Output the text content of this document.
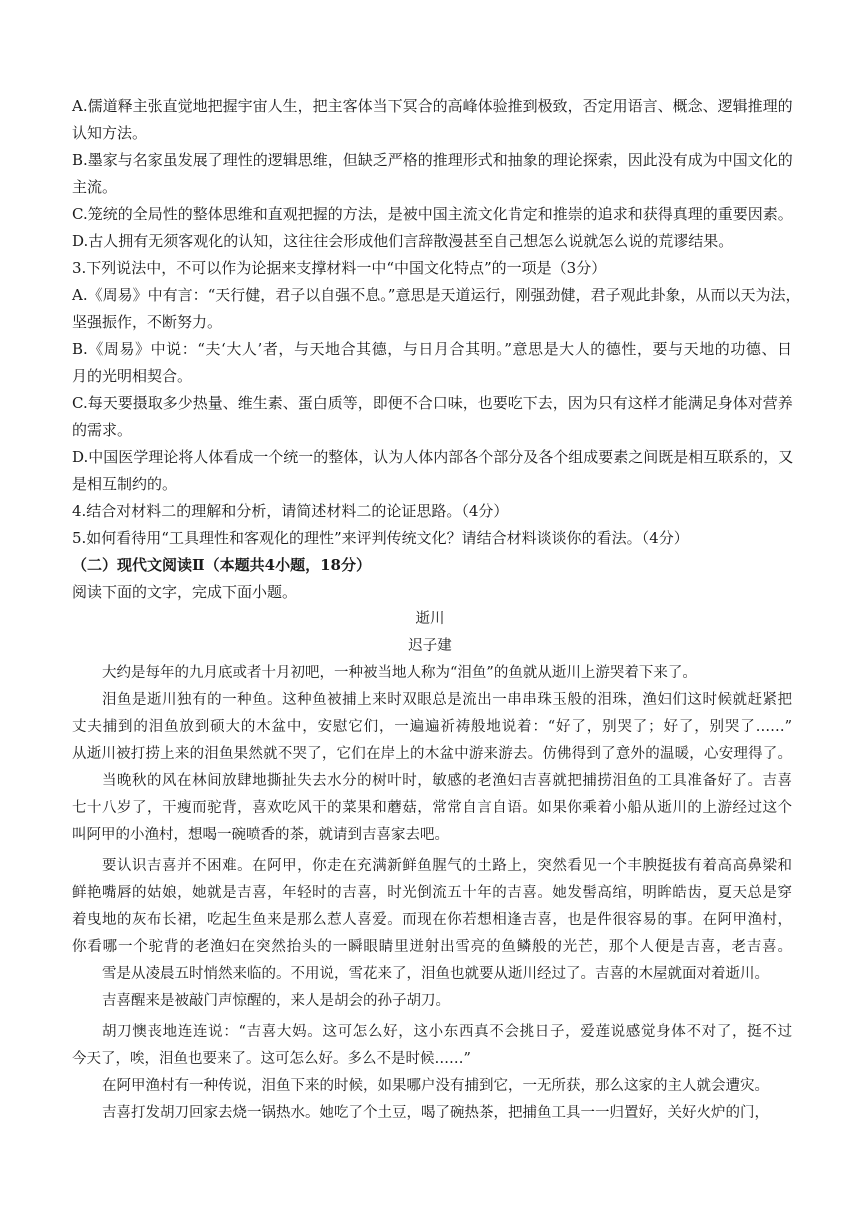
A.儒道释主张直觉地把握宇宙人生，把主客体当下冥合的高峰体验推到极致，否定用语言、概念、逻辑推理的
认知方法。
B.墨家与名家虽发展了理性的逻辑思维，但缺乏严格的推理形式和抽象的理论探索，因此没有成为中国文化的
主流。
C.笼统的全局性的整体思维和直观把握的方法，是被中国主流文化肯定和推崇的追求和获得真理的重要因素。
D.古人拥有无须客观化的认知，这往往会形成他们言辞散漫甚至自己想怎么说就怎么说的荒谬结果。
3.下列说法中，不可以作为论据来支撑材料一中“中国文化特点”的一项是（3分）
A.《周易》中有言：“天行健，君子以自强不息。”意思是天道运行，刚强劲健，君子观此卦象，从而以天为法，
坚强振作，不断努力。
B.《周易》中说：“夫‘大人’者，与天地合其德，与日月合其明。”意思是大人的德性，要与天地的功德、日
月的光明相契合。
C.每天要摄取多少热量、维生素、蛋白质等，即便不合口味，也要吃下去，因为只有这样才能满足身体对营养
的需求。
D.中国医学理论将人体看成一个统一的整体，认为人体内部各个部分及各个组成要素之间既是相互联系的，又
是相互制约的。
4.结合对材料二的理解和分析，请简述材料二的论证思路。（4分）
5.如何看待用“工具理性和客观化的理性”来评判传统文化？请结合材料谈谈你的看法。（4分）
（二）现代文阅读Ⅱ（本题共4小题，18分）
阅读下面的文字，完成下面小题。
逝川
迟子建
大约是每年的九月底或者十月初吧，一种被当地人称为“泪鱼”的鱼就从逝川上游哭着下来了。
泪鱼是逝川独有的一种鱼。这种鱼被捕上来时双眼总是流出一串串珠玉般的泪珠，渔妇们这时候就赶紧把
丈夫捕到的泪鱼放到硕大的木盆中，安慰它们，一遍遍祈祷般地说着：“好了，别哭了；好了，别哭了……”
从逝川被打捞上来的泪鱼果然就不哭了，它们在岸上的木盆中游来游去。仿佛得到了意外的温暖，心安理得了。
当晚秋的风在林间放肆地撕扯失去水分的树叶时，敏感的老渔妇吉喜就把捕捞泪鱼的工具准备好了。吉喜
七十八岁了，干瘦而驼背，喜欢吃风干的菜果和蘑菇，常常自言自语。如果你乘着小船从逝川的上游经过这个
叫阿甲的小渔村，想喝一碗喷香的茶，就请到吉喜家去吧。
要认识吉喜并不困难。在阿甲，你走在充满新鲜鱼腥气的土路上，突然看见一个丰腴挺拔有着高高鼻梁和
鲜艳嘴唇的姑娘，她就是吉喜，年轻时的吉喜，时光倒流五十年的吉喜。她发髻高绾，明眸皓齿，夏天总是穿
着曳地的灰布长裙，吃起生鱼来是那么惹人喜爱。而现在你若想相逢吉喜，也是件很容易的事。在阿甲渔村，
你看哪一个驼背的老渔妇在突然抬头的一瞬眼睛里迸射出雪亮的鱼鳞般的光芒，那个人便是吉喜，老吉喜。
雪是从凌晨五时悄然来临的。不用说，雪花来了，泪鱼也就要从逝川经过了。吉喜的木屋就面对着逝川。
吉喜醒来是被敲门声惊醒的，来人是胡会的孙子胡刀。
胡刀懊丧地连连说：“吉喜大妈。这可怎么好，这小东西真不会挑日子，爱莲说感觉身体不对了，挺不过
今天了，唉，泪鱼也要来了。这可怎么好。多么不是时候……”
在阿甲渔村有一种传说，泪鱼下来的时候，如果哪户没有捕到它，一无所获，那么这家的主人就会遭灾。
吉喜打发胡刀回家去烧一锅热水。她吃了个土豆，喝了碗热茶，把捕鱼工具一一归置好，关好火炉的门，
